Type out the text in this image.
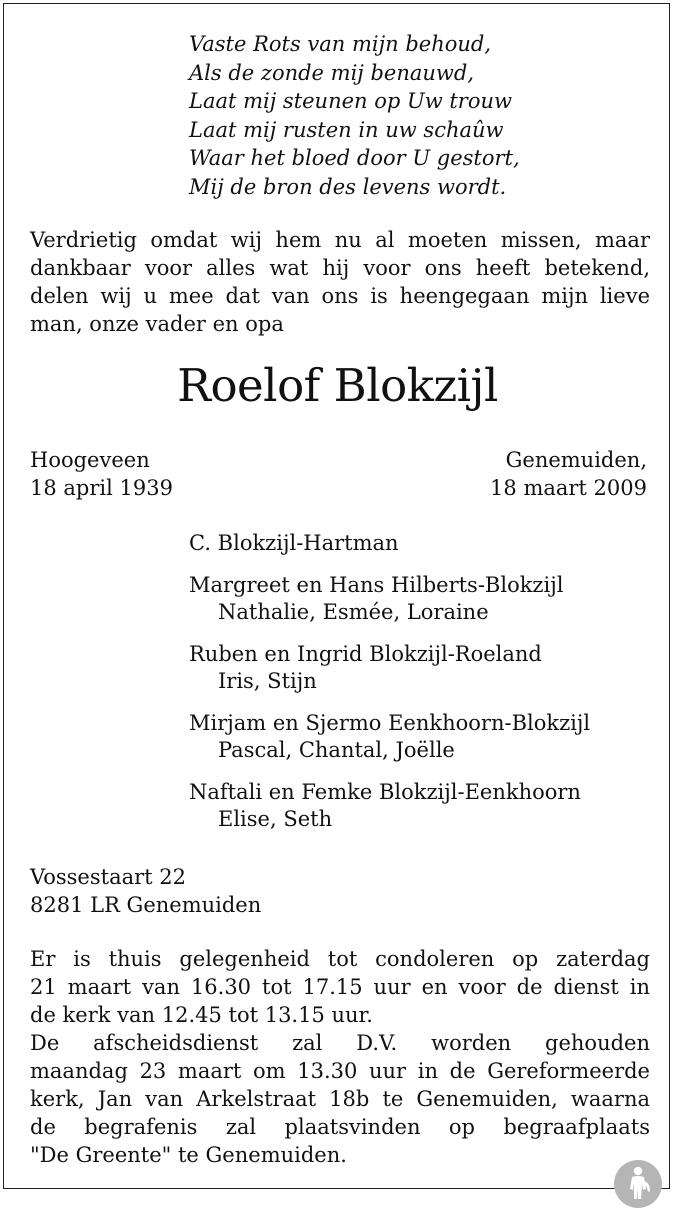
Vaste Rots van mijn behoud,
Als de zonde mij benauwd,
Laat mij steunen op Uw trouw
Laat mij rusten in uw schaûw
Waar het bloed door U gestort,
Mij de bron des levens wordt.
Verdrietig omdat wij hem nu al moeten missen, maar
dankbaar voor alles wat hij voor ons heeft betekend,
delen wij u mee dat van ons is heengegaan mijn lieve
man, onze vader en opa
Roelof Blokzijl
Hoogeveen
18 april 1939
Genemuiden,
18 maart 2009
C. Blokzijl-Hartman
Margreet en Hans Hilberts-Blokzijl
Nathalie, Esmée, Loraine
Ruben en Ingrid Blokzijl-Roeland
Iris, Stijn
Mirjam en Sjermo Eenkhoorn-Blokzijl
Pascal, Chantal, Joëlle
Naftali en Femke Blokzijl-Eenkhoorn
Elise, Seth
Vossestaart 22
8281 LR Genemuiden
Er is thuis gelegenheid tot condoleren op zaterdag
21 maart van 16.30 tot 17.15 uur en voor de dienst in
de kerk van 12.45 tot 13.15 uur.
De afscheidsdienst zal D.V. worden gehouden
maandag 23 maart om 13.30 uur in de Gereformeerde
kerk, Jan van Arkelstraat 18b te Genemuiden, waarna
de begrafenis zal plaatsvinden op begraafplaats
"De Greente" te Genemuiden.
